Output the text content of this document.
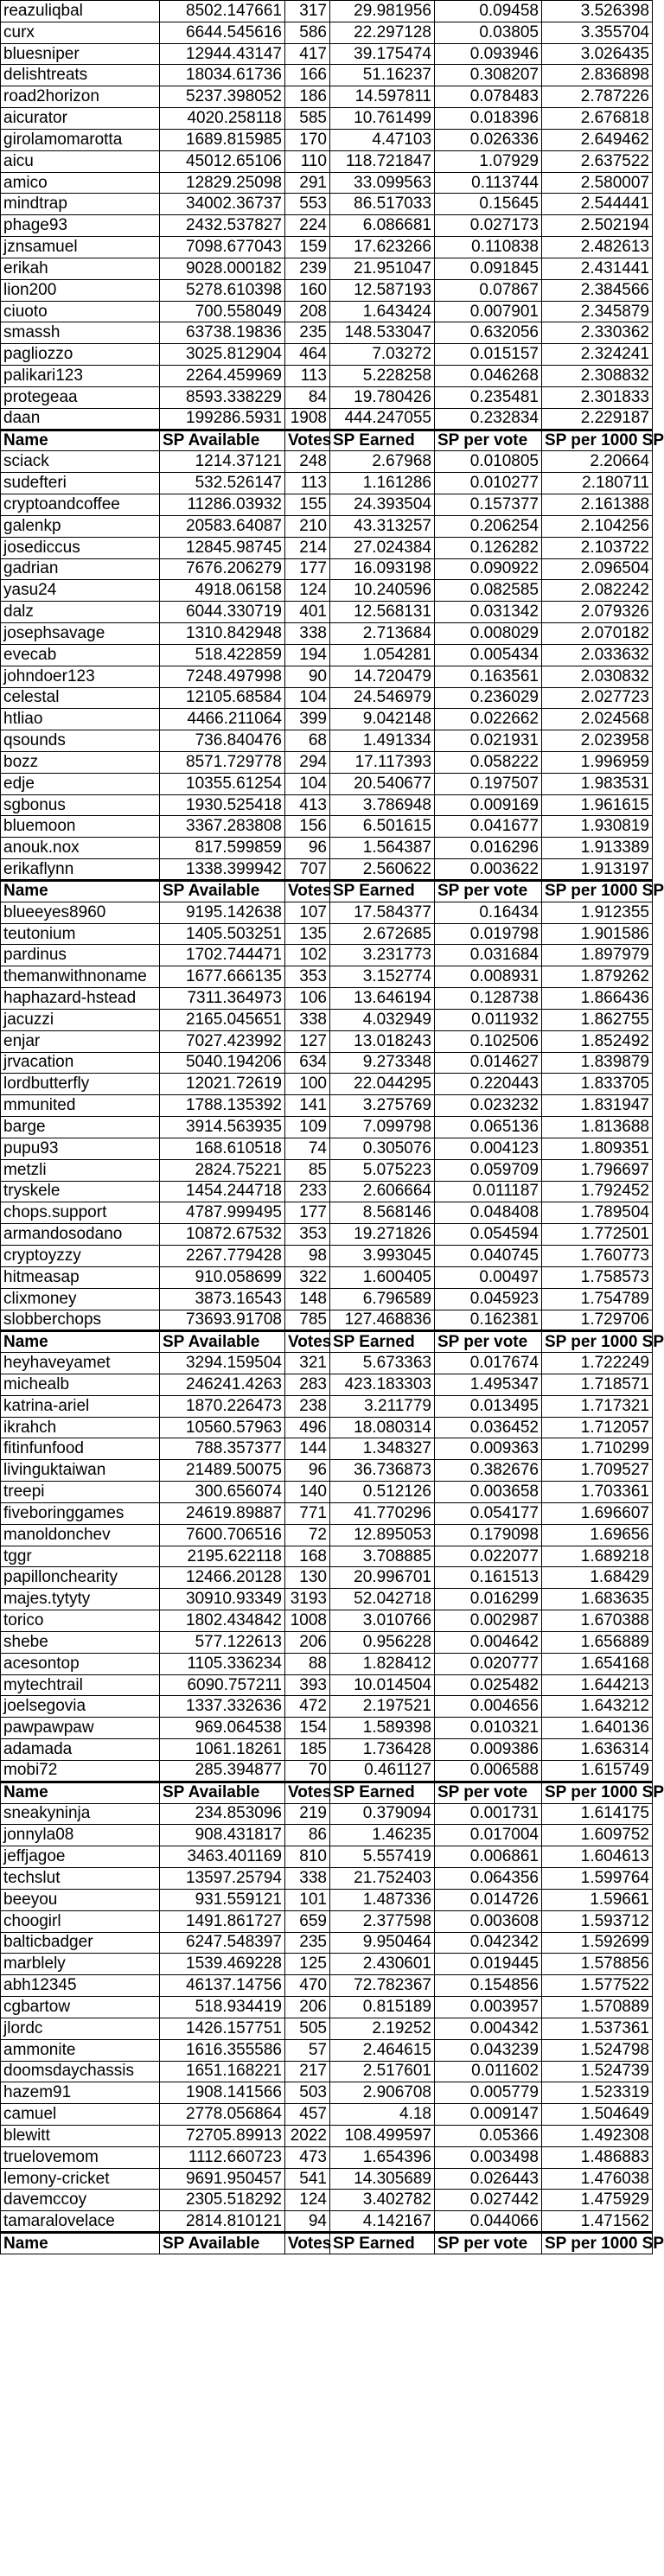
reazuliqbal	8502.147661	317	29.981956	0.09458	3.526398
curx	6644.545616	586	22.297128	0.03805	3.355704
bluesniper	12944.43147	417	39.175474	0.093946	3.026435
delishtreats	18034.61736	166	51.16237	0.308207	2.836898
road2horizon	5237.398052	186	14.597811	0.078483	2.787226
aicurator	4020.258118	585	10.761499	0.018396	2.676818
girolamomarotta	1689.815985	170	4.47103	0.026336	2.649462
aicu	45012.65106	110	118.721847	1.07929	2.637522
amico	12829.25098	291	33.099563	0.113744	2.580007
mindtrap	34002.36737	553	86.517033	0.15645	2.544441
phage93	2432.537827	224	6.086681	0.027173	2.502194
jznsamuel	7098.677043	159	17.623266	0.110838	2.482613
erikah	9028.000182	239	21.951047	0.091845	2.431441
lion200	5278.610398	160	12.587193	0.07867	2.384566
ciuoto	700.558049	208	1.643424	0.007901	2.345879
smassh	63738.19836	235	148.533047	0.632056	2.330362
pagliozzo	3025.812904	464	7.03272	0.015157	2.324241
palikari123	2264.459969	113	5.228258	0.046268	2.308832
protegeaa	8593.338229	84	19.780426	0.235481	2.301833
daan	199286.5931	1908	444.247055	0.232834	2.229187
Name	SP Available	Votes	SP Earned	SP per vote	SP per 1000 SP
sciack	1214.37121	248	2.67968	0.010805	2.20664
sudefteri	532.526147	113	1.161286	0.010277	2.180711
cryptoandcoffee	11286.03932	155	24.393504	0.157377	2.161388
galenkp	20583.64087	210	43.313257	0.206254	2.104256
josediccus	12845.98745	214	27.024384	0.126282	2.103722
gadrian	7676.206279	177	16.093198	0.090922	2.096504
yasu24	4918.06158	124	10.240596	0.082585	2.082242
dalz	6044.330719	401	12.568131	0.031342	2.079326
josephsavage	1310.842948	338	2.713684	0.008029	2.070182
evecab	518.422859	194	1.054281	0.005434	2.033632
johndoer123	7248.497998	90	14.720479	0.163561	2.030832
celestal	12105.68584	104	24.546979	0.236029	2.027723
htliao	4466.211064	399	9.042148	0.022662	2.024568
qsounds	736.840476	68	1.491334	0.021931	2.023958
bozz	8571.729778	294	17.117393	0.058222	1.996959
edje	10355.61254	104	20.540677	0.197507	1.983531
sgbonus	1930.525418	413	3.786948	0.009169	1.961615
bluemoon	3367.283808	156	6.501615	0.041677	1.930819
anouk.nox	817.599859	96	1.564387	0.016296	1.913389
erikaflynn	1338.399942	707	2.560622	0.003622	1.913197
Name	SP Available	Votes	SP Earned	SP per vote	SP per 1000 SP
blueeyes8960	9195.142638	107	17.584377	0.16434	1.912355
teutonium	1405.503251	135	2.672685	0.019798	1.901586
pardinus	1702.744471	102	3.231773	0.031684	1.897979
themanwithnoname	1677.666135	353	3.152774	0.008931	1.879262
haphazard-hstead	7311.364973	106	13.646194	0.128738	1.866436
jacuzzi	2165.045651	338	4.032949	0.011932	1.862755
enjar	7027.423992	127	13.018243	0.102506	1.852492
jrvacation	5040.194206	634	9.273348	0.014627	1.839879
lordbutterfly	12021.72619	100	22.044295	0.220443	1.833705
mmunited	1788.135392	141	3.275769	0.023232	1.831947
barge	3914.563935	109	7.099798	0.065136	1.813688
pupu93	168.610518	74	0.305076	0.004123	1.809351
metzli	2824.75221	85	5.075223	0.059709	1.796697
tryskele	1454.244718	233	2.606664	0.011187	1.792452
chops.support	4787.999495	177	8.568146	0.048408	1.789504
armandosodano	10872.67532	353	19.271826	0.054594	1.772501
cryptoyzzy	2267.779428	98	3.993045	0.040745	1.760773
hitmeasap	910.058699	322	1.600405	0.00497	1.758573
clixmoney	3873.16543	148	6.796589	0.045923	1.754789
slobberchops	73693.91708	785	127.468836	0.162381	1.729706
Name	SP Available	Votes	SP Earned	SP per vote	SP per 1000 SP
heyhaveyamet	3294.159504	321	5.673363	0.017674	1.722249
michealb	246241.4263	283	423.183303	1.495347	1.718571
katrina-ariel	1870.226473	238	3.211779	0.013495	1.717321
ikrahch	10560.57963	496	18.080314	0.036452	1.712057
fitinfunfood	788.357377	144	1.348327	0.009363	1.710299
livinguktaiwan	21489.50075	96	36.736873	0.382676	1.709527
treepi	300.656074	140	0.512126	0.003658	1.703361
fiveboringgames	24619.89887	771	41.770296	0.054177	1.696607
manoldonchev	7600.706516	72	12.895053	0.179098	1.69656
tggr	2195.622118	168	3.708885	0.022077	1.689218
papillonchearity	12466.20128	130	20.996701	0.161513	1.68429
majes.tytyty	30910.93349	3193	52.042718	0.016299	1.683635
torico	1802.434842	1008	3.010766	0.002987	1.670388
shebe	577.122613	206	0.956228	0.004642	1.656889
acesontop	1105.336234	88	1.828412	0.020777	1.654168
mytechtrail	6090.757211	393	10.014504	0.025482	1.644213
joelsegovia	1337.332636	472	2.197521	0.004656	1.643212
pawpawpaw	969.064538	154	1.589398	0.010321	1.640136
adamada	1061.18261	185	1.736428	0.009386	1.636314
mobi72	285.394877	70	0.461127	0.006588	1.615749
Name	SP Available	Votes	SP Earned	SP per vote	SP per 1000 SP
sneakyninja	234.853096	219	0.379094	0.001731	1.614175
jonnyla08	908.431817	86	1.46235	0.017004	1.609752
jeffjagoe	3463.401169	810	5.557419	0.006861	1.604613
techslut	13597.25794	338	21.752403	0.064356	1.599764
beeyou	931.559121	101	1.487336	0.014726	1.59661
choogirl	1491.861727	659	2.377598	0.003608	1.593712
balticbadger	6247.548397	235	9.950464	0.042342	1.592699
marblely	1539.469228	125	2.430601	0.019445	1.578856
abh12345	46137.14756	470	72.782367	0.154856	1.577522
cgbartow	518.934419	206	0.815189	0.003957	1.570889
jlordc	1426.157751	505	2.19252	0.004342	1.537361
ammonite	1616.355586	57	2.464615	0.043239	1.524798
doomsdaychassis	1651.168221	217	2.517601	0.011602	1.524739
hazem91	1908.141566	503	2.906708	0.005779	1.523319
camuel	2778.056864	457	4.18	0.009147	1.504649
blewitt	72705.89913	2022	108.499597	0.05366	1.492308
truelovemom	1112.660723	473	1.654396	0.003498	1.486883
lemony-cricket	9691.950457	541	14.305689	0.026443	1.476038
davemccoy	2305.518292	124	3.402782	0.027442	1.475929
tamaralovelace	2814.810121	94	4.142167	0.044066	1.471562
Name	SP Available	Votes	SP Earned	SP per vote	SP per 1000 SP
